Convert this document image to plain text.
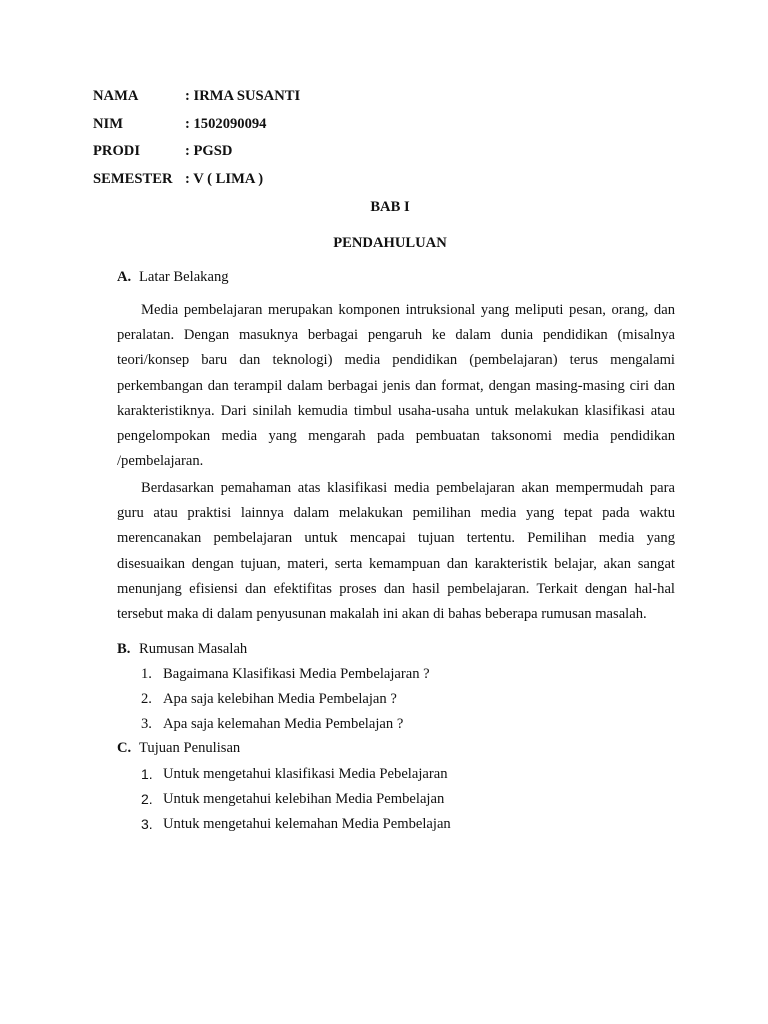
NAMA	: IRMA SUSANTI
NIM	: 1502090094
PRODI	: PGSD
SEMESTER : V ( LIMA )
BAB I
PENDAHULUAN
A. Latar Belakang

Media pembelajaran merupakan komponen intruksional yang meliputi pesan, orang, dan peralatan. Dengan masuknya berbagai pengaruh ke dalam dunia pendidikan (misalnya teori/konsep baru dan teknologi) media pendidikan (pembelajaran) terus mengalami perkembangan dan terampil dalam berbagai jenis dan format, dengan masing-masing ciri dan karakteristiknya. Dari sinilah kemudia timbul usaha-usaha untuk melakukan klasifikasi atau pengelompokan media yang mengarah pada pembuatan taksonomi media pendidikan /pembelajaran.

Berdasarkan pemahaman atas klasifikasi media pembelajaran akan mempermudah para guru atau praktisi lainnya dalam melakukan pemilihan media yang tepat pada waktu merencanakan pembelajaran untuk mencapai tujuan tertentu. Pemilihan media yang disesuaikan dengan tujuan, materi, serta kemampuan dan karakteristik belajar, akan sangat menunjang efisiensi dan efektifitas proses dan hasil pembelajaran. Terkait dengan hal-hal tersebut maka di dalam penyusunan makalah ini akan di bahas beberapa rumusan masalah.

B. Rumusan Masalah
1. Bagaimana Klasifikasi Media Pembelajaran ?
2. Apa saja kelebihan Media Pembelajan ?
3. Apa saja kelemahan Media Pembelajan ?
C. Tujuan Penulisan
1. Untuk mengetahui klasifikasi Media Pebelajaran
2. Untuk mengetahui kelebihan Media Pembelajan
3. Untuk mengetahui kelemahan Media Pembelajan
